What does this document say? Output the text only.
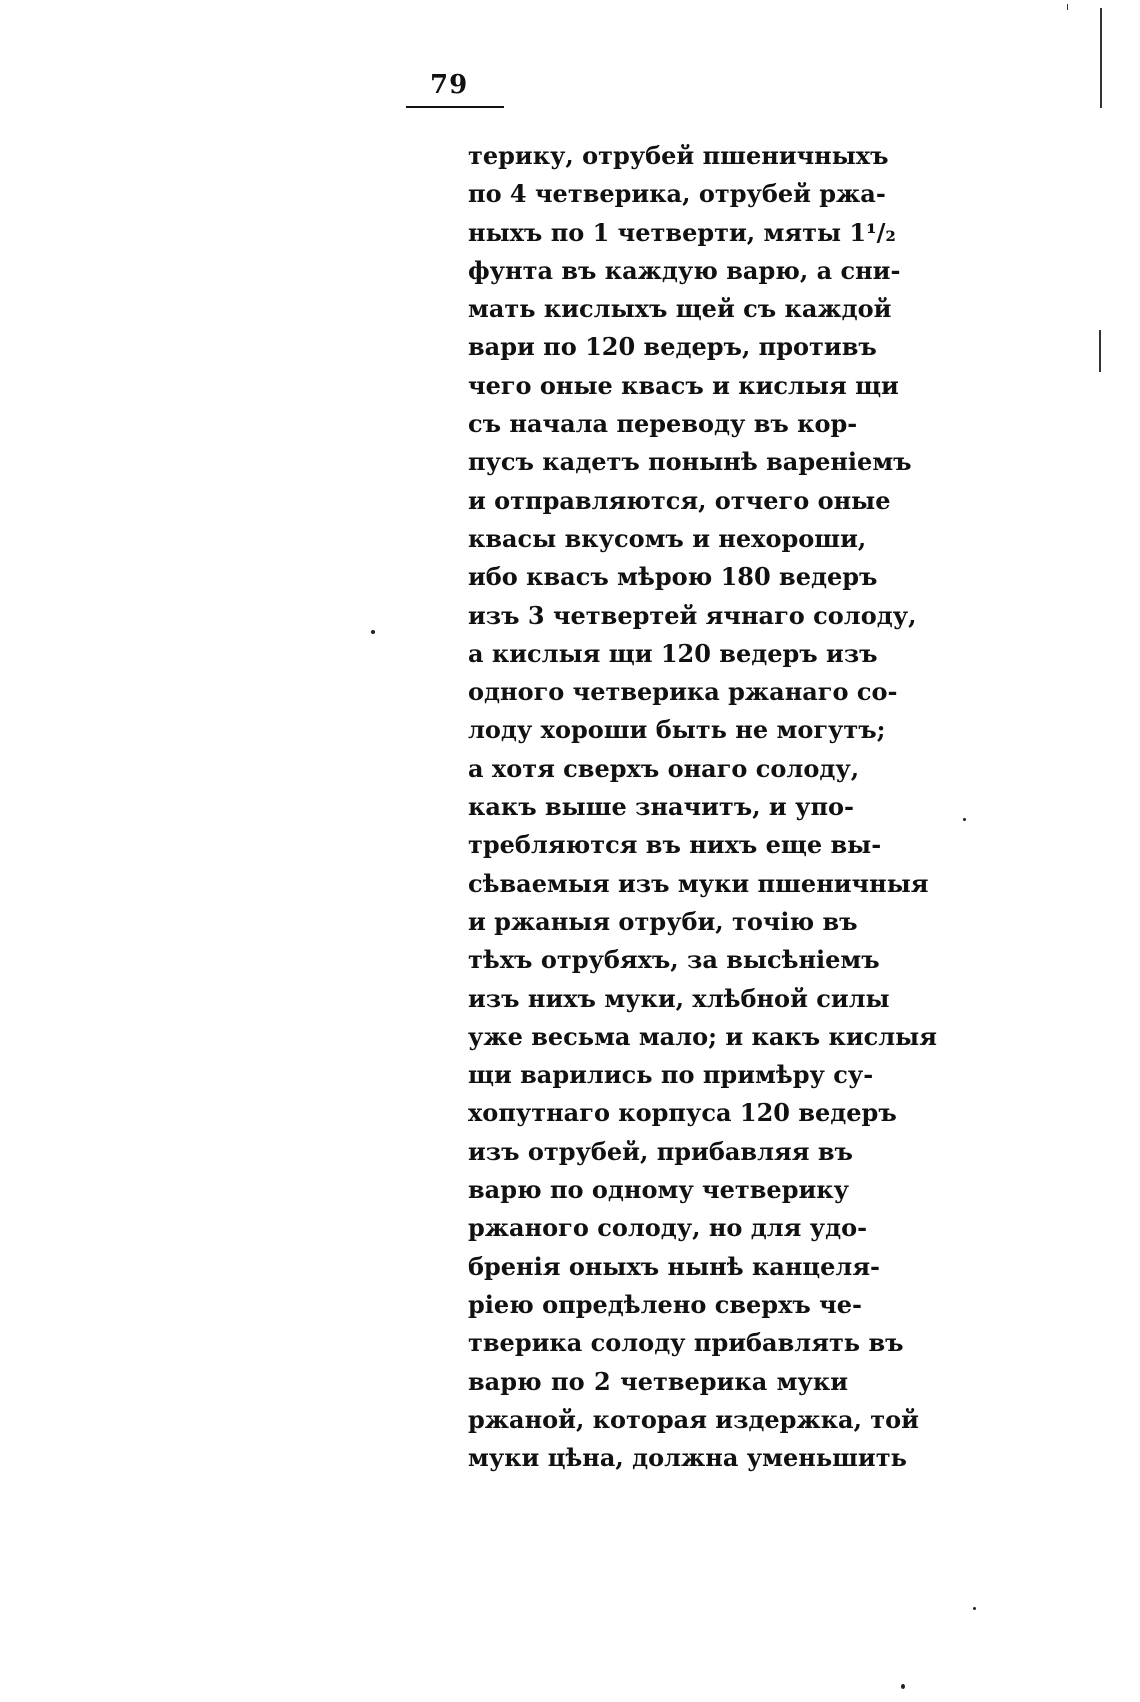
79
терику, отрубей пшеничныхъ
по 4 четверика, отрубей ржа-
ныхъ по 1 четверти, мяты 1¹/₂
фунта въ каждую варю, а сни-
мать кислыхъ щей съ каждой
вари по 120 ведеръ, противъ
чего оные квасъ и кислыя щи
съ начала переводу въ кор-
пусъ кадетъ понынѣ вареніемъ
и отправляются, отчего оные
квасы вкусомъ и нехороши,
ибо квасъ мѣрою 180 ведеръ
изъ 3 четвертей ячнаго солоду,
а кислыя щи 120 ведеръ изъ
одного четверика ржанаго со-
лоду хороши быть не могутъ;
а хотя сверхъ онаго солоду,
какъ выше значитъ, и упо-
требляются въ нихъ еще вы-
сѣваемыя изъ муки пшеничныя
и ржаныя отруби, точію въ
тѣхъ отрубяхъ, за высѣніемъ
изъ нихъ муки, хлѣбной силы
уже весьма мало; и какъ кислыя
щи варились по примѣру су-
хопутнаго корпуса 120 ведеръ
изъ отрубей, прибавляя въ
варю по одному четверику
ржаного солоду, но для удо-
бренія оныхъ нынѣ канцеля-
ріею опредѣлено сверхъ че-
тверика солоду прибавлять въ
варю по 2 четверика муки
ржаной, которая издержка, той
муки цѣна, должна уменьшить
